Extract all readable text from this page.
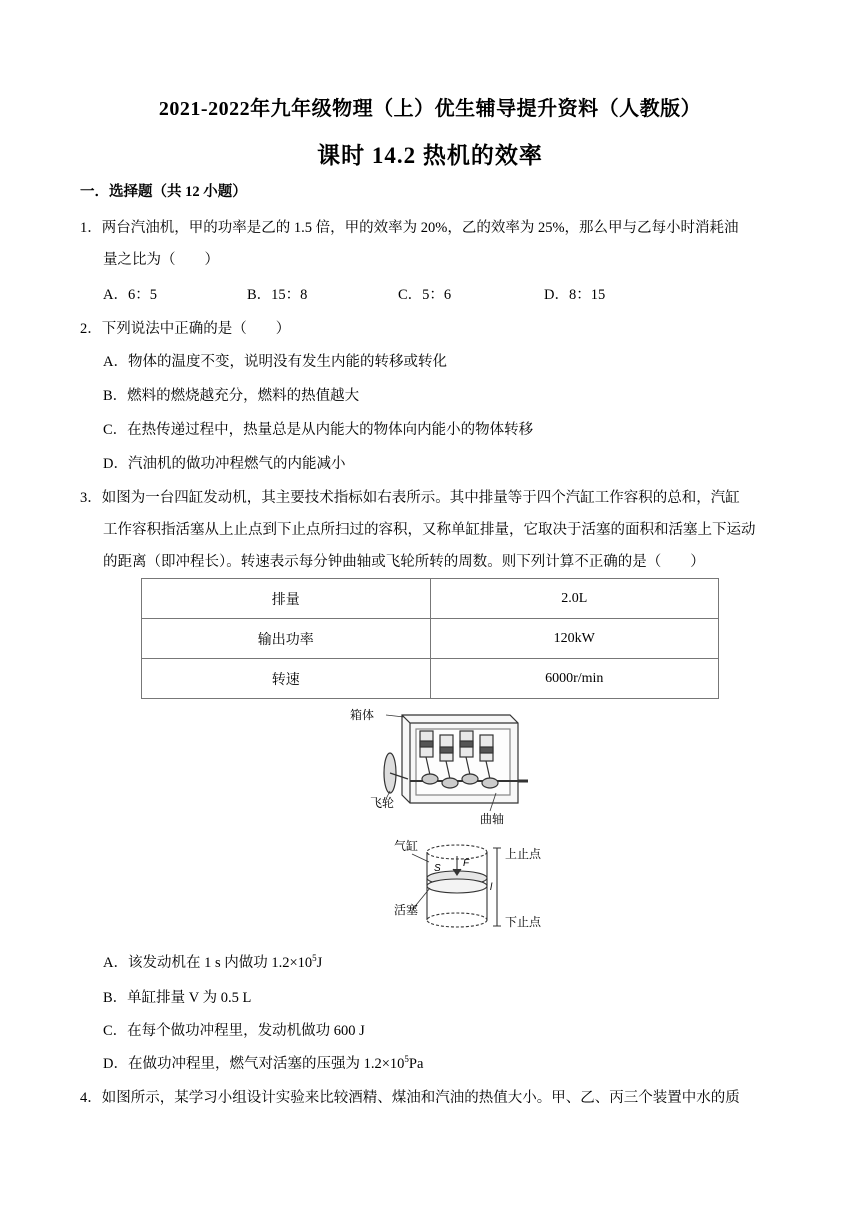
2021-2022年九年级物理（上）优生辅导提升资料（人教版）
课时 14.2 热机的效率
一．选择题（共 12 小题）
1．两台汽油机，甲的功率是乙的 1.5 倍，甲的效率为 20%，乙的效率为 25%，那么甲与乙每小时消耗油
量之比为（　　）
A．6：5	B．15：8	C．5：6	D．8：15
2．下列说法中正确的是（　　）
A．物体的温度不变，说明没有发生内能的转移或转化
B．燃料的燃烧越充分，燃料的热值越大
C．在热传递过程中，热量总是从内能大的物体向内能小的物体转移
D．汽油机的做功冲程燃气的内能减小
3．如图为一台四缸发动机，其主要技术指标如右表所示。其中排量等于四个汽缸工作容积的总和，汽缸
工作容积指活塞从上止点到下止点所扫过的容积，又称单缸排量，它取决于活塞的面积和活塞上下运动
的距离（即冲程长）。转速表示每分钟曲轴或飞轮所转的周数。则下列计算不正确的是（　　）
排量	2.0L
输出功率	120kW
转速	6000r/min
箱体
飞轮
曲轴
气缸
活塞
上止点
下止点
S F
l
A．该发动机在 1 s 内做功 $1.2\times 10^5J$
B．单缸排量 V 为 0.5 L
C．在每个做功冲程里，发动机做功 600 J
D．在做功冲程里，燃气对活塞的压强为 $1.2\times 10^5Pa$
4．如图所示，某学习小组设计实验来比较酒精、煤油和汽油的热值大小。甲、乙、丙三个装置中水的质
